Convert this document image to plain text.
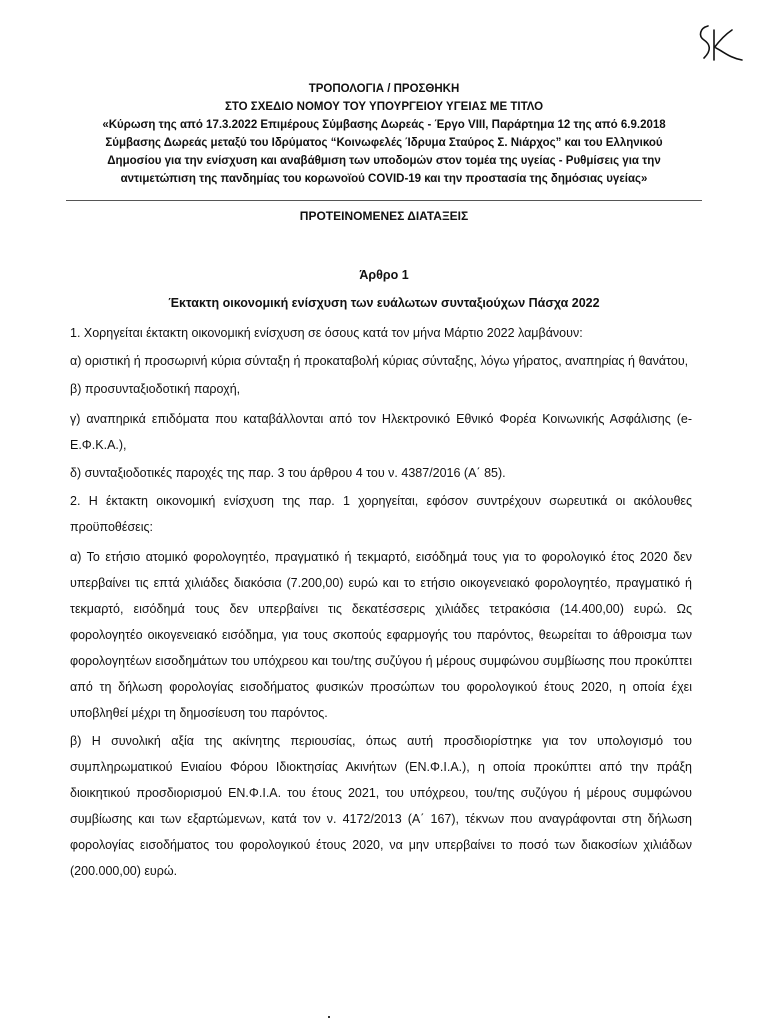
ΤΡΟΠΟΛΟΓΙΑ / ΠΡΟΣΘΗΚΗ
ΣΤΟ ΣΧΕΔΙΟ ΝΟΜΟΥ ΤΟΥ ΥΠΟΥΡΓΕΙΟΥ ΥΓΕΙΑΣ ΜΕ ΤΙΤΛΟ
«Κύρωση της από 17.3.2022 Επιμέρους Σύμβασης Δωρεάς - Έργο VIII, Παράρτημα 12 της από 6.9.2018
Σύμβασης Δωρεάς μεταξύ του Ιδρύματος “Κοινωφελές Ίδρυμα Σταύρος Σ. Νιάρχος” και του Ελληνικού
Δημοσίου για την ενίσχυση και αναβάθμιση των υποδομών στον τομέα της υγείας - Ρυθμίσεις για την
αντιμετώπιση της πανδημίας του κορωνοϊού COVID-19 και την προστασία της δημόσιας υγείας»
ΠΡΟΤΕΙΝΟΜΕΝΕΣ ΔΙΑΤΑΞΕΙΣ
Άρθρο 1
Έκτακτη οικονομική ενίσχυση των ευάλωτων συνταξιούχων Πάσχα 2022

1. Χορηγείται έκτακτη οικονομική ενίσχυση σε όσους κατά τον μήνα Μάρτιο 2022 λαμβάνουν:

α) οριστική ή προσωρινή κύρια σύνταξη ή προκαταβολή κύριας σύνταξης, λόγω γήρατος, αναπηρίας ή θανάτου,

β) προσυνταξιοδοτική παροχή,

γ) αναπηρικά επιδόματα που καταβάλλονται από τον Ηλεκτρονικό Εθνικό Φορέα Κοινωνικής Ασφάλισης (e-Ε.Φ.Κ.Α.),

δ) συνταξιοδοτικές παροχές της παρ. 3 του άρθρου 4 του ν. 4387/2016 (Α΄ 85).

2. Η έκτακτη οικονομική ενίσχυση της παρ. 1 χορηγείται, εφόσον συντρέχουν σωρευτικά οι ακόλουθες προϋποθέσεις:

α) Το ετήσιο ατομικό φορολογητέο, πραγματικό ή τεκμαρτό, εισόδημά τους για το φορολογικό έτος 2020 δεν υπερβαίνει τις επτά χιλιάδες διακόσια (7.200,00) ευρώ και το ετήσιο οικογενειακό φορολογητέο, πραγματικό ή τεκμαρτό, εισόδημά τους δεν υπερβαίνει τις δεκατέσσερις χιλιάδες τετρακόσια (14.400,00) ευρώ. Ως φορολογητέο οικογενειακό εισόδημα, για τους σκοπούς εφαρμογής του παρόντος, θεωρείται το άθροισμα των φορολογητέων εισοδημάτων του υπόχρεου και του/της συζύγου ή μέρους συμφώνου συμβίωσης που προκύπτει από τη δήλωση φορολογίας εισοδήματος φυσικών προσώπων του φορολογικού έτους 2020, η οποία έχει υποβληθεί μέχρι τη δημοσίευση του παρόντος.

β) Η συνολική αξία της ακίνητης περιουσίας, όπως αυτή προσδιορίστηκε για τον υπολογισμό του συμπληρωματικού Ενιαίου Φόρου Ιδιοκτησίας Ακινήτων (ΕΝ.Φ.Ι.Α.), η οποία προκύπτει από την πράξη διοικητικού προσδιορισμού ΕΝ.Φ.Ι.Α. του έτους 2021, του υπόχρεου, του/της συζύγου ή μέρους συμφώνου συμβίωσης και των εξαρτώμενων, κατά τον ν. 4172/2013 (Α΄ 167), τέκνων που αναγράφονται στη δήλωση φορολογίας εισοδήματος του φορολογικού έτους 2020, να μην υπερβαίνει το ποσό των διακοσίων χιλιάδων (200.000,00) ευρώ.
